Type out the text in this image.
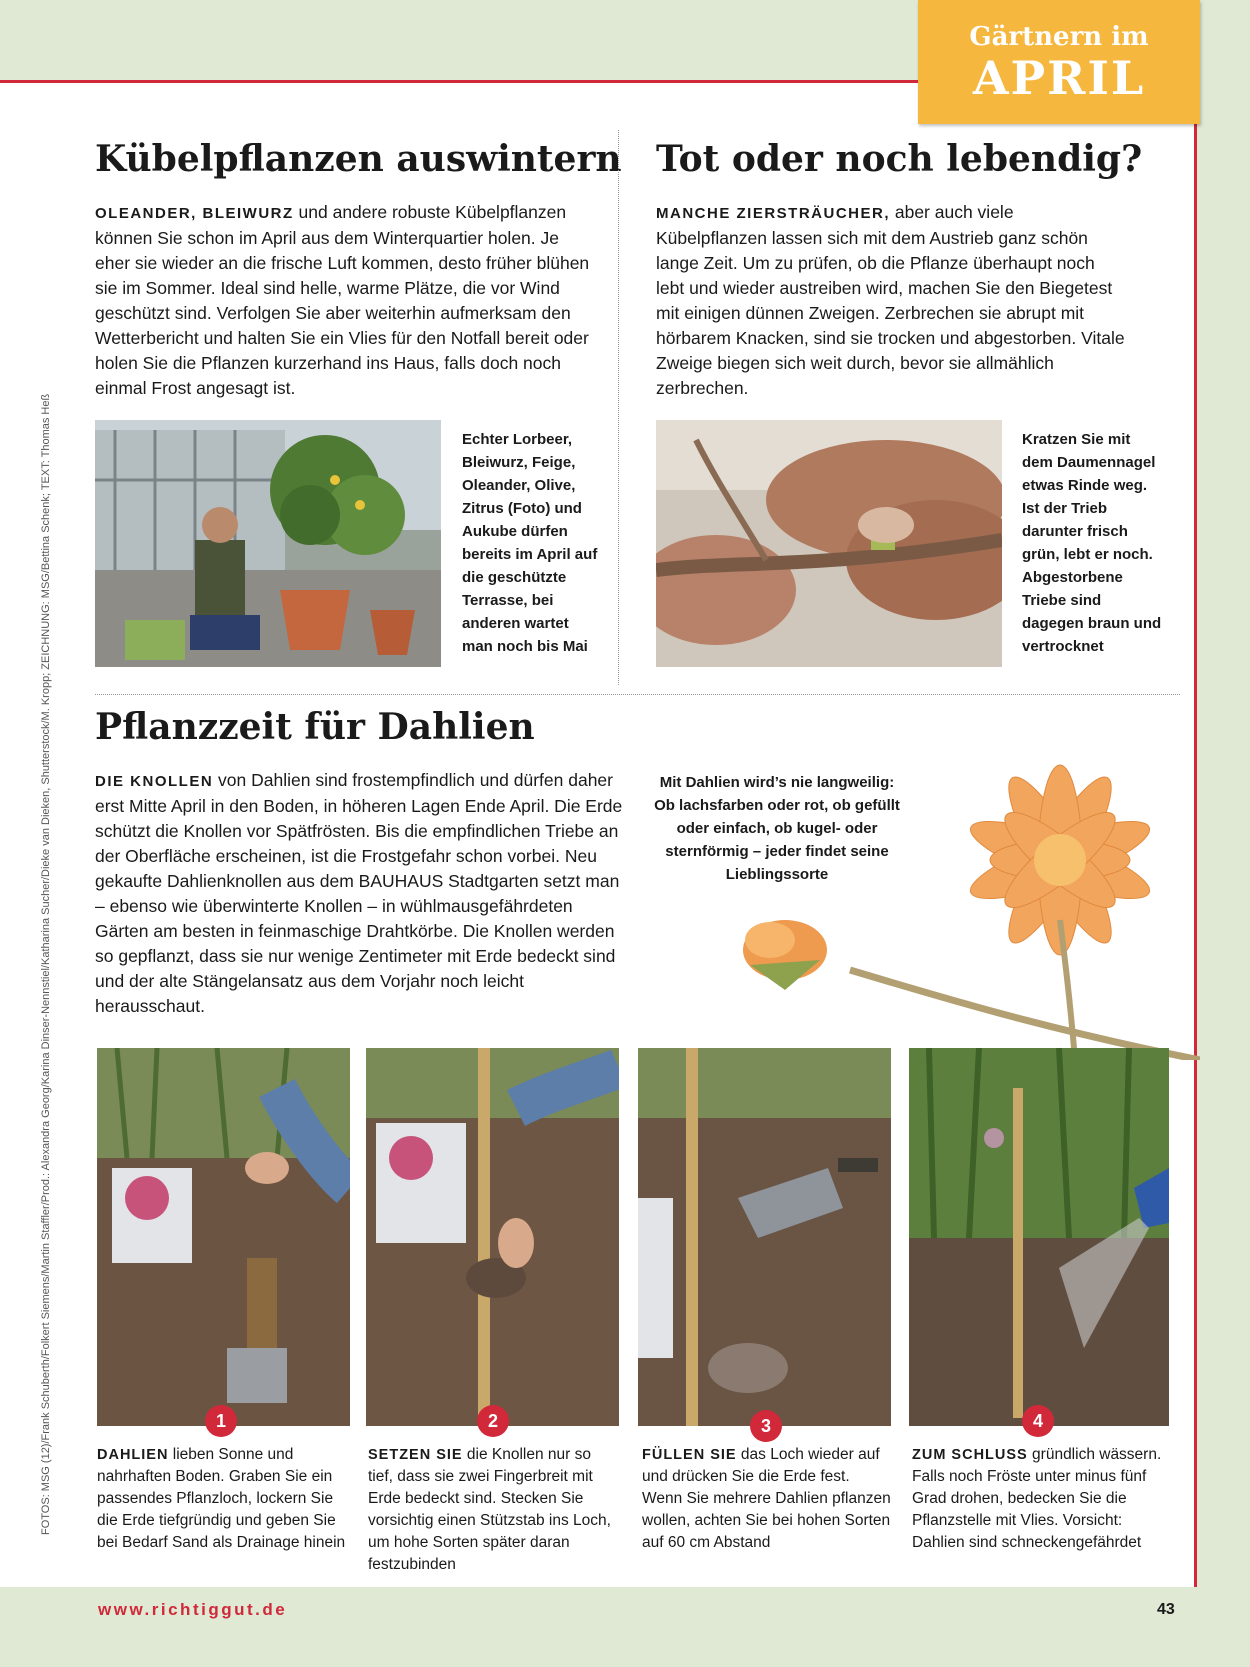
Gärtnern im
APRIL
FOTOS: MSG (12)/Frank Schuberth/Folkert Siemens/Martin Staffler/Prod.: Alexandra Georg/Karina Dinser-Nennstiel/Katharina Sucher/Dieke van Dieken, Shutterstock/M. Kropp; ZEICHNUNG: MSG/Bettina Schenk; TEXT: Thomas Heß
Kübelpflanzen auswintern
OLEANDER, BLEIWURZ und andere robuste Kübelpflanzen können Sie schon im April aus dem Winterquartier holen. Je eher sie wieder an die frische Luft kommen, desto früher blühen sie im Sommer. Ideal sind helle, warme Plätze, die vor Wind geschützt sind. Verfolgen Sie aber weiterhin aufmerksam den Wetterbericht und halten Sie ein Vlies für den Notfall bereit oder holen Sie die Pflanzen kurzerhand ins Haus, falls doch noch einmal Frost angesagt ist.
Echter Lorbeer, Bleiwurz, Feige, Oleander, Olive, Zitrus (Foto) und Aukube dürfen bereits im April auf die geschützte Terrasse, bei anderen wartet man noch bis Mai
Tot oder noch lebendig?
MANCHE ZIERSTRÄUCHER, aber auch viele Kübelpflanzen lassen sich mit dem Austrieb ganz schön lange Zeit. Um zu prüfen, ob die Pflanze überhaupt noch lebt und wieder austreiben wird, machen Sie den Biegetest mit einigen dünnen Zweigen. Zerbrechen sie abrupt mit hörbarem Knacken, sind sie trocken und abgestorben. Vitale Zweige biegen sich weit durch, bevor sie allmählich zerbrechen.
Kratzen Sie mit dem Daumennagel etwas Rinde weg. Ist der Trieb darunter frisch grün, lebt er noch. Abgestorbene Triebe sind dagegen braun und vertrocknet
Pflanzzeit für Dahlien
DIE KNOLLEN von Dahlien sind frostempfindlich und dürfen daher erst Mitte April in den Boden, in höheren Lagen Ende April. Die Erde schützt die Knollen vor Spätfrösten. Bis die empfindlichen Triebe an der Oberfläche erscheinen, ist die Frostgefahr schon vorbei. Neu gekaufte Dahlienknollen aus dem BAUHAUS Stadtgarten setzt man – ebenso wie überwinterte Knollen – in wühlmausgefährdeten Gärten am besten in feinmaschige Drahtkörbe. Die Knollen werden so gepflanzt, dass sie nur wenige Zentimeter mit Erde bedeckt sind und der alte Stängelansatz aus dem Vorjahr noch leicht herausschaut.
Mit Dahlien wird’s nie langweilig: Ob lachsfarben oder rot, ob gefüllt oder einfach, ob kugel- oder sternförmig – jeder findet seine Lieblingssorte
1	2	3	4
DAHLIEN lieben Sonne und nahrhaften Boden. Graben Sie ein passendes Pflanzloch, lockern Sie die Erde tiefgründig und geben Sie bei Bedarf Sand als Drainage hinein
SETZEN SIE die Knollen nur so tief, dass sie zwei Fingerbreit mit Erde bedeckt sind. Stecken Sie vorsichtig einen Stützstab ins Loch, um hohe Sorten später daran festzubinden
FÜLLEN SIE das Loch wieder auf und drücken Sie die Erde fest. Wenn Sie mehrere Dahlien pflanzen wollen, achten Sie bei hohen Sorten auf 60 cm Abstand
ZUM SCHLUSS gründlich wässern. Falls noch Fröste unter minus fünf Grad drohen, bedecken Sie die Pflanzstelle mit Vlies. Vorsicht: Dahlien sind schneckengefährdet
www.richtiggut.de	43
